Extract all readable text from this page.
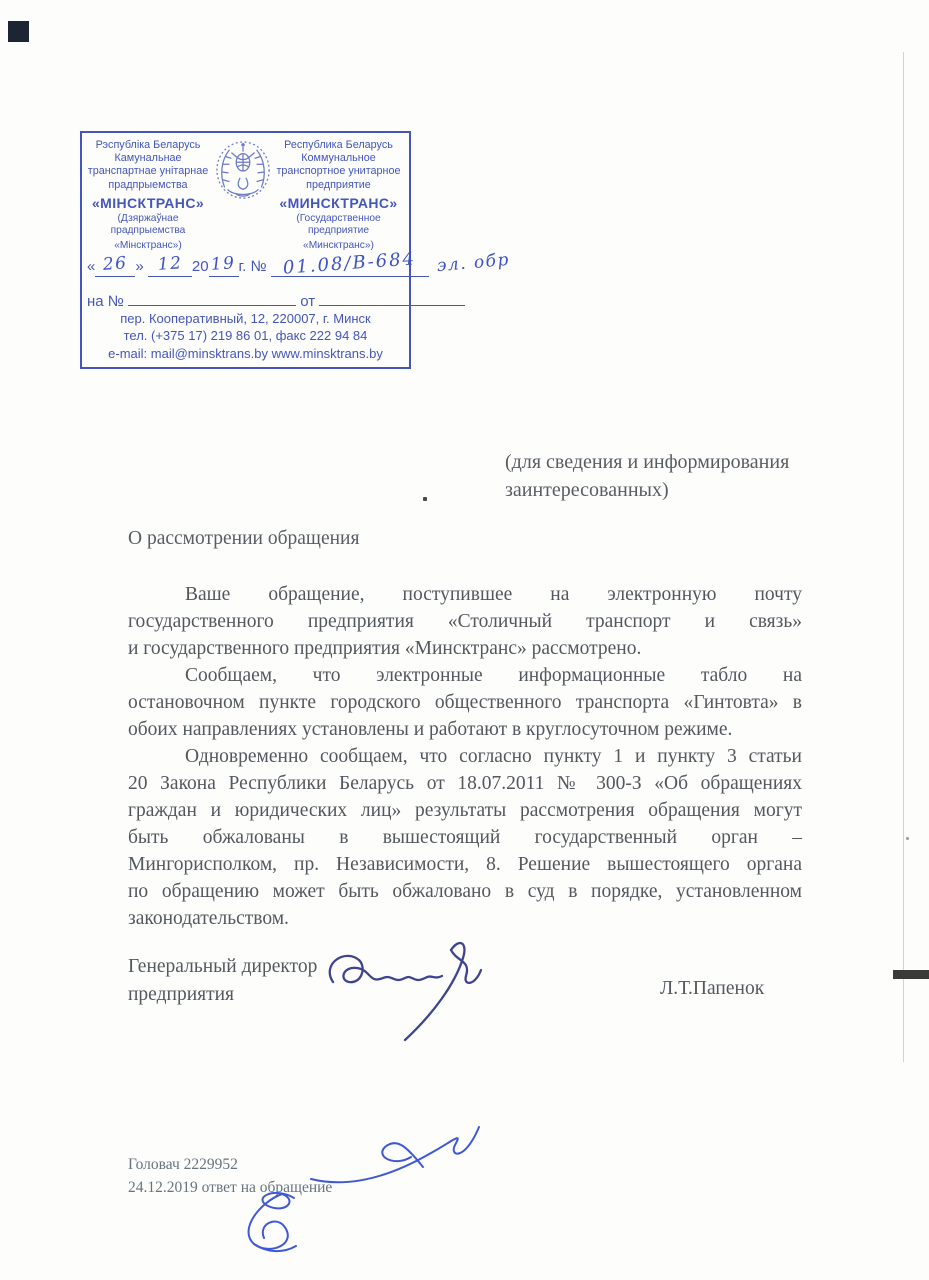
Рэспубліка Беларусь
Камунальнае
транспартнае унітарнае
прадпрыемства
«МІНСКТРАНС»
(Дзяржаўнае прадпрыемства
«Мінсктранс»)
Республика Беларусь
Коммунальное
транспортное унитарное
предприятие
«МИНСКТРАНС»
(Государственное предприятие
«Минсктранс»)
« 26 » 12 20 19 г. № 01.08/В-684 эл. обр
на №	от
пер. Кооперативный, 12, 220007, г. Минск
тел. (+375 17) 219 86 01, факс 222 94 84
e-mail: mail@minsktrans.by www.minsktrans.by
(для сведения и информирования
заинтересованных)
О рассмотрении обращения
Ваше обращение, поступившее на электронную почту
государственного предприятия «Столичный транспорт и связь»
и государственного предприятия «Минсктранс» рассмотрено.
Сообщаем, что электронные информационные табло на
остановочном пункте городского общественного транспорта «Гинтовта» в
обоих направлениях установлены и работают в круглосуточном режиме.
Одновременно сообщаем, что согласно пункту 1 и пункту 3 статьи
20 Закона Республики Беларусь от 18.07.2011 № 300-З «Об обращениях
граждан и юридических лиц» результаты рассмотрения обращения могут
быть обжалованы в вышестоящий государственный орган –
Мингорисполком, пр. Независимости, 8. Решение вышестоящего органа
по обращению может быть обжаловано в суд в порядке, установленном
законодательством.
Генеральный директор
предприятия	Л.Т.Папенок
Головач 2229952
24.12.2019 ответ на обращение
